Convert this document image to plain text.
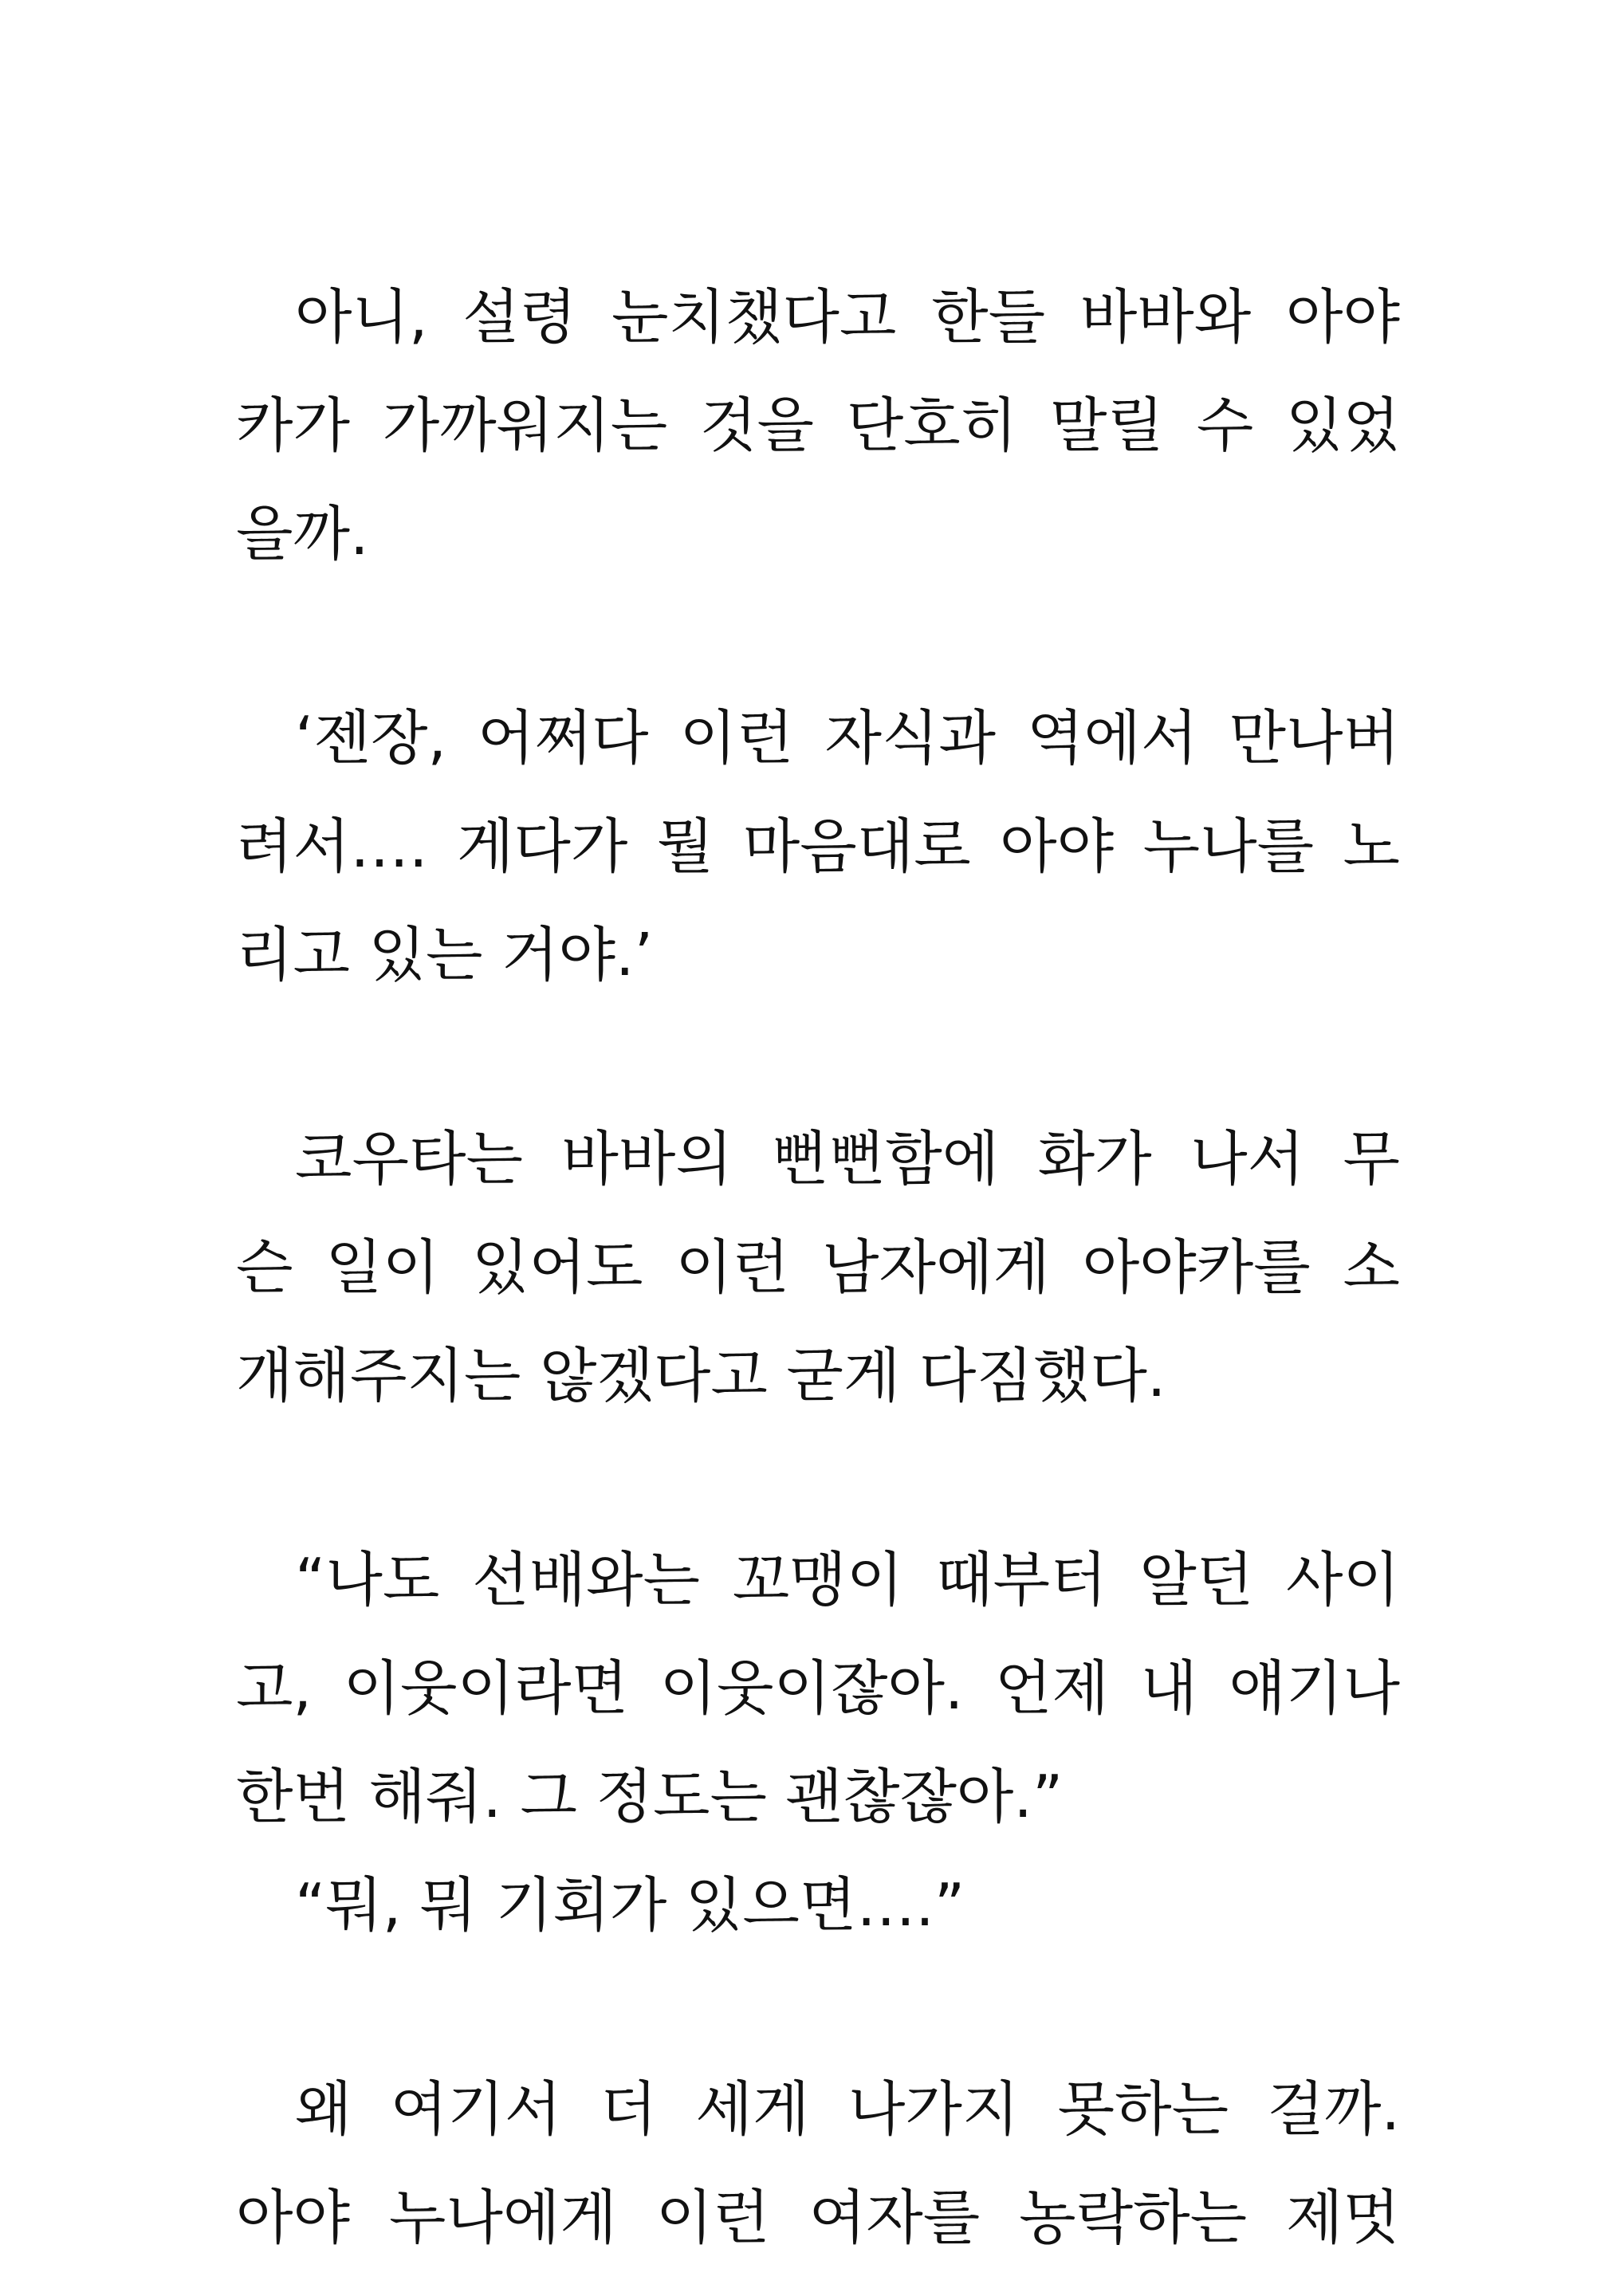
아니, 설령 눈치챘다고 한들 바바와 아야
카가 가까워지는 것을 단호히 말릴 수 있었
을까.
‘젠장, 어쩌다 이런 자식과 역에서 만나버
려서…. 게다가 뭘 마음대로 아야 누나를 노
리고 있는 거야.’
코우타는 바바의 뻔뻔함에 화가 나서 무
슨 일이 있어도 이런 남자에게 아야카를 소
개해주지는 않겠다고 굳게 다짐했다.
“나도 선배와는 꼬맹이 때부터 알던 사이
고, 이웃이라면 이웃이잖아. 언제 내 얘기나
한번 해줘. 그 정도는 괜찮잖아.”
“뭐, 뭐 기회가 있으면….”
왜 여기서 더 세게 나가지 못하는 걸까.
아야 누나에게 이런 여자를 농락하는 제멋
